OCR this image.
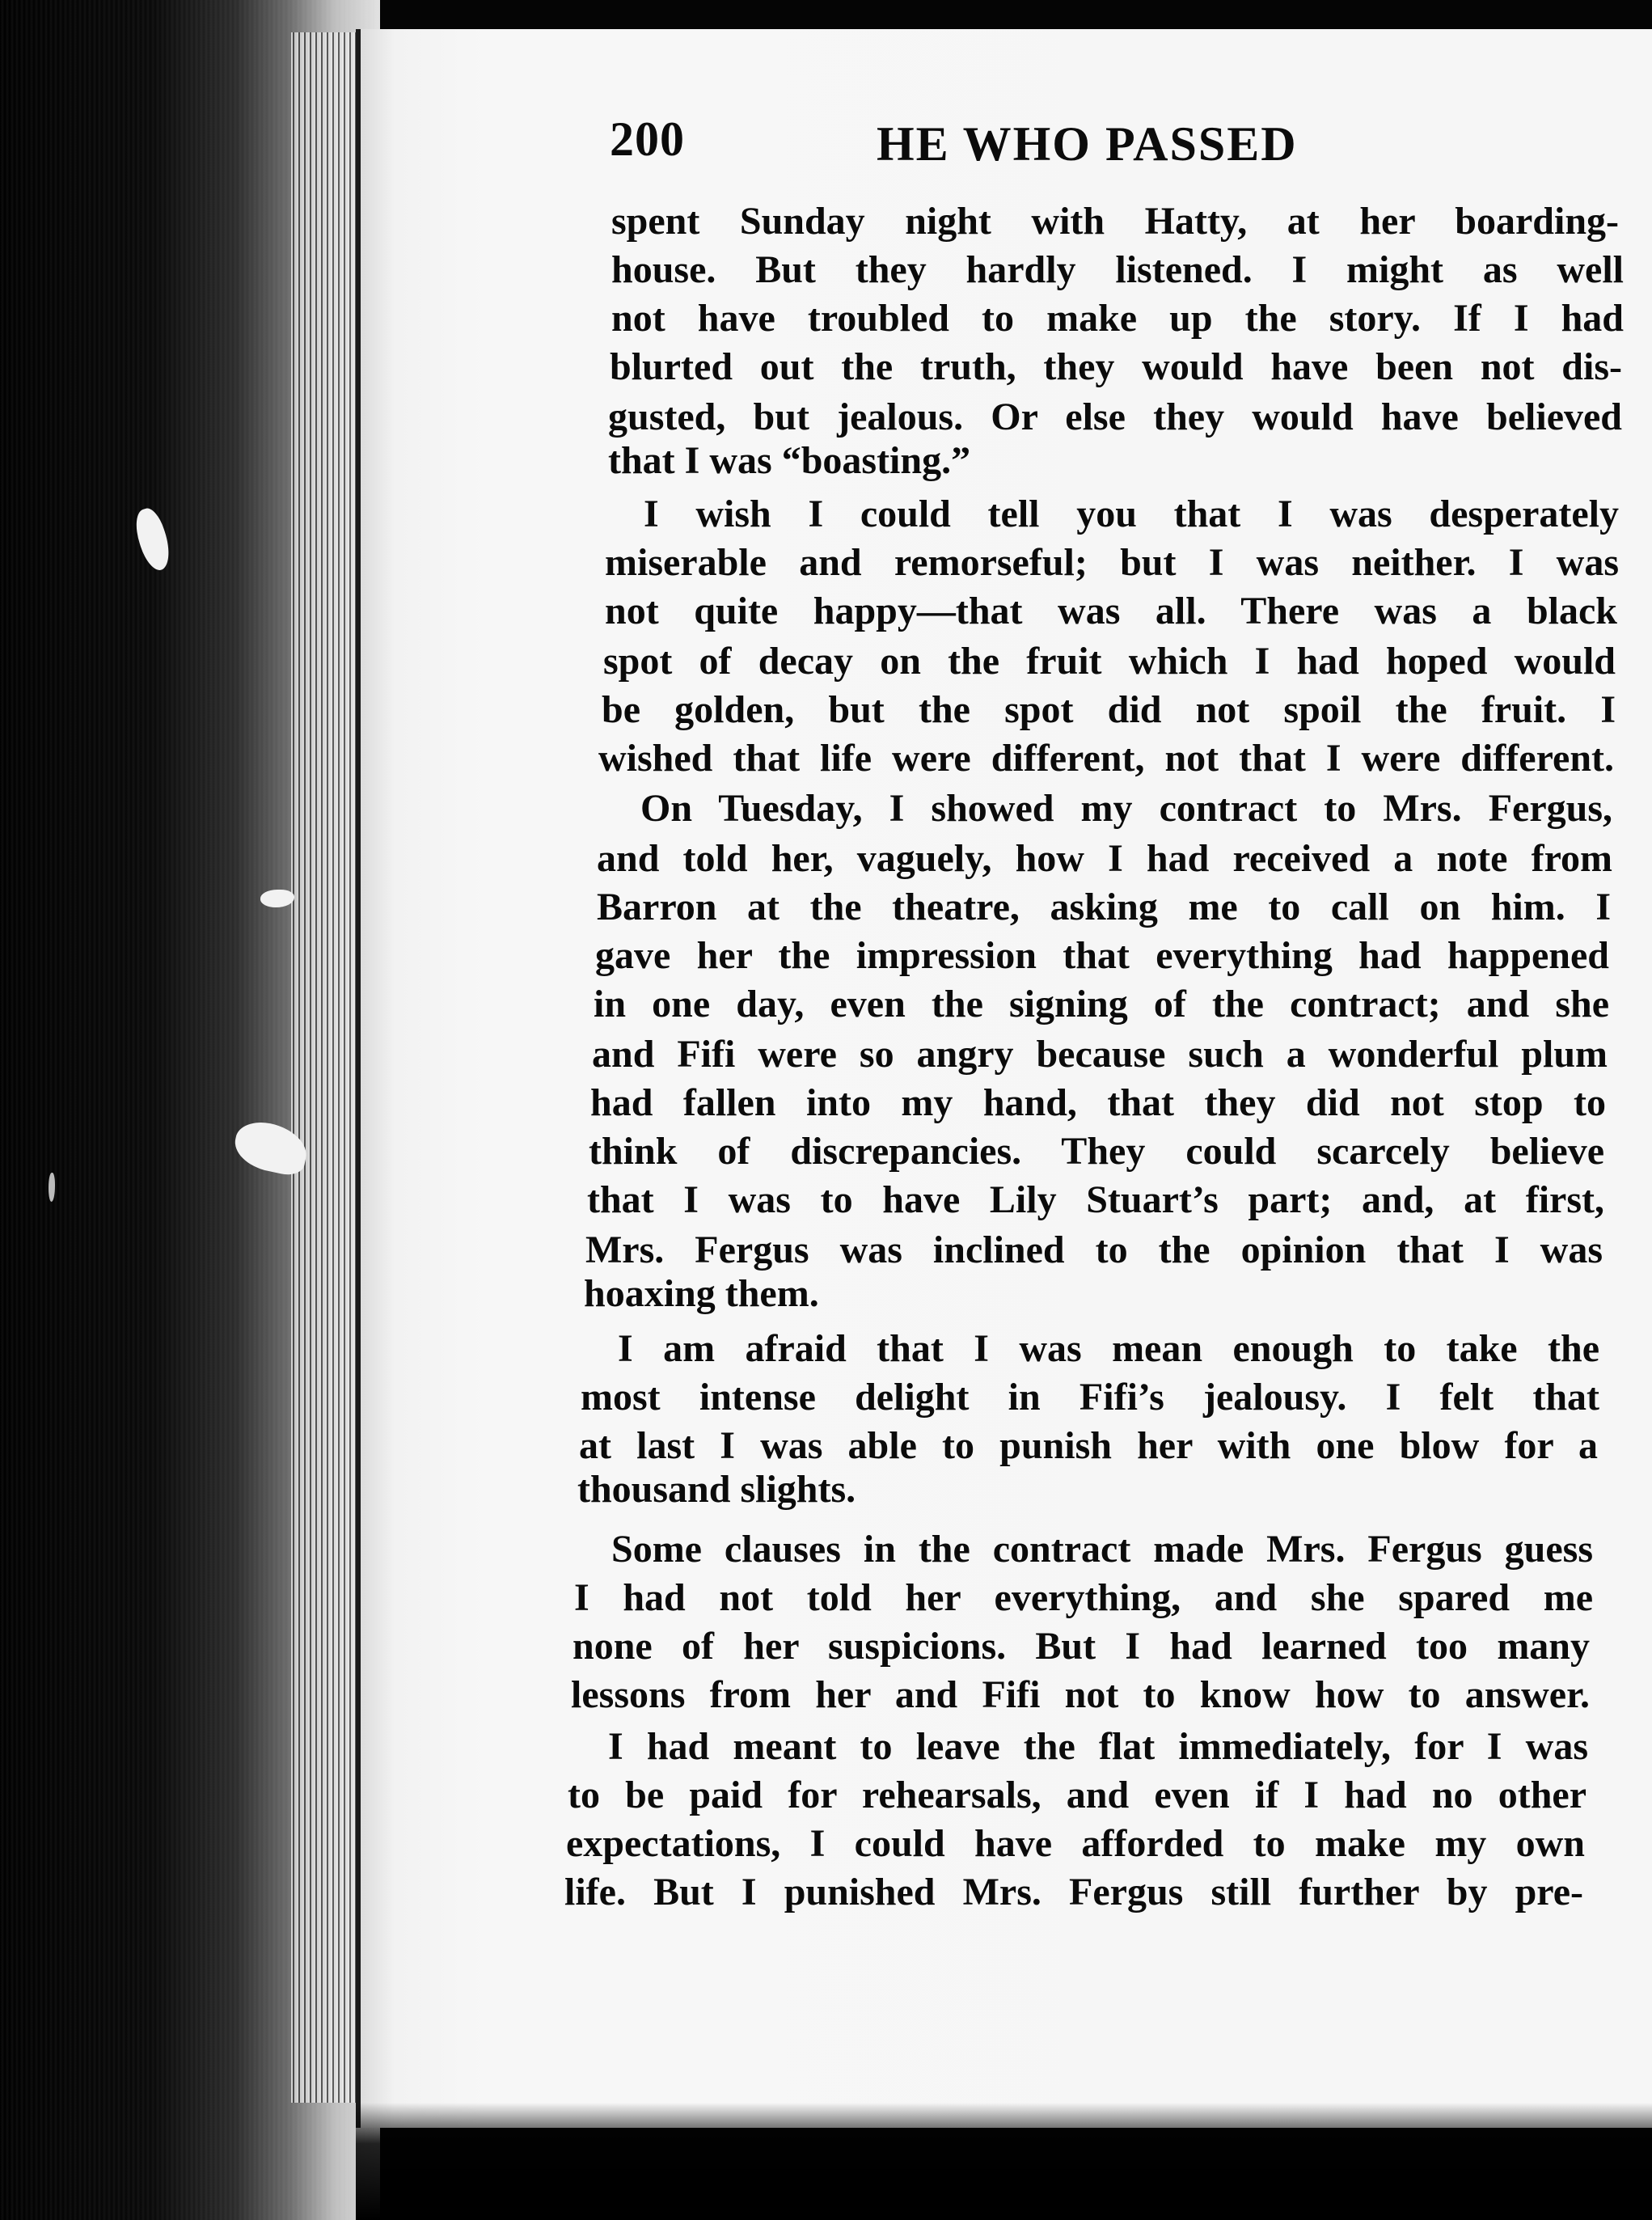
200	HE WHO PASSED
spent Sunday night with Hatty, at her boarding-
house. But they hardly listened. I might as well
not have troubled to make up the story. If I had
blurted out the truth, they would have been not dis-
gusted, but jealous. Or else they would have believed
that I was “boasting.”
I wish I could tell you that I was desperately
miserable and remorseful; but I was neither. I was
not quite happy—that was all. There was a black
spot of decay on the fruit which I had hoped would
be golden, but the spot did not spoil the fruit. I
wished that life were different, not that I were different.
On Tuesday, I showed my contract to Mrs. Fergus,
and told her, vaguely, how I had received a note from
Barron at the theatre, asking me to call on him. I
gave her the impression that everything had happened
in one day, even the signing of the contract; and she
and Fifi were so angry because such a wonderful plum
had fallen into my hand, that they did not stop to
think of discrepancies. They could scarcely believe
that I was to have Lily Stuart’s part; and, at first,
Mrs. Fergus was inclined to the opinion that I was
hoaxing them.
I am afraid that I was mean enough to take the
most intense delight in Fifi’s jealousy. I felt that
at last I was able to punish her with one blow for a
thousand slights.
Some clauses in the contract made Mrs. Fergus guess
I had not told her everything, and she spared me
none of her suspicions. But I had learned too many
lessons from her and Fifi not to know how to answer.
I had meant to leave the flat immediately, for I was
to be paid for rehearsals, and even if I had no other
expectations, I could have afforded to make my own
life. But I punished Mrs. Fergus still further by pre-
